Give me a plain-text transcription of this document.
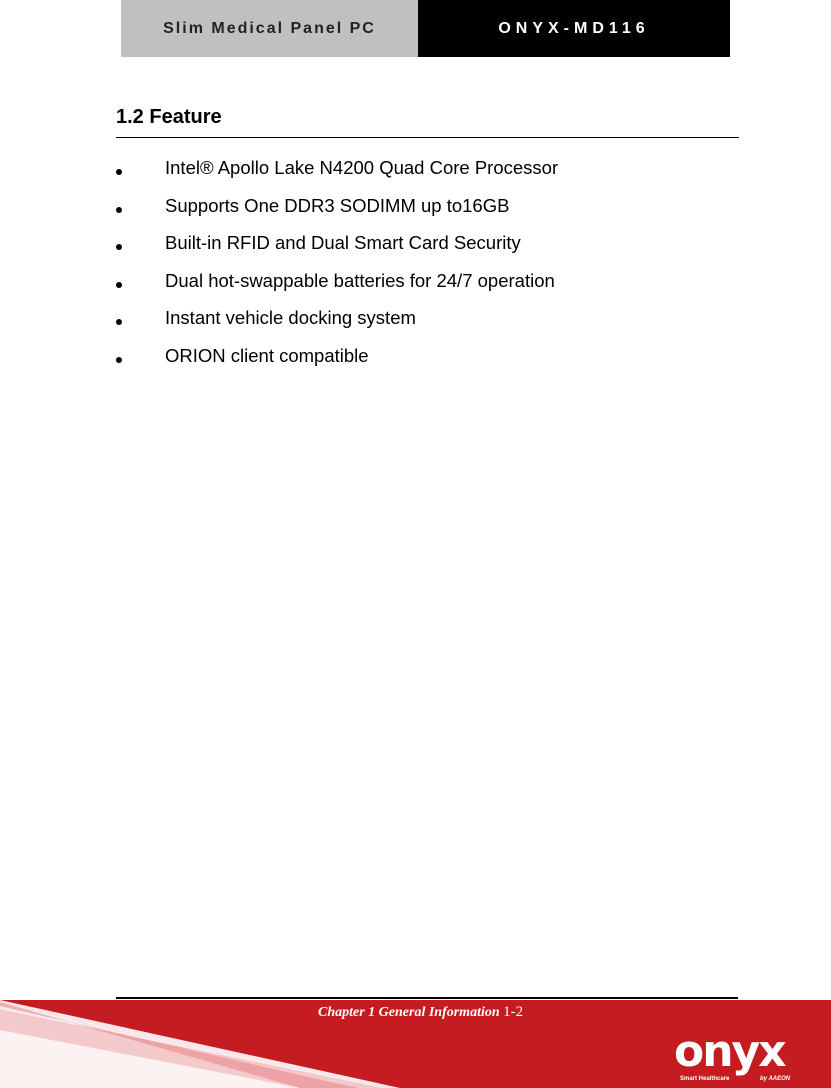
Slim Medical Panel PC	ONYX-MD116
1.2 Feature
Intel® Apollo Lake N4200 Quad Core Processor
Supports One DDR3 SODIMM up to16GB
Built-in RFID and Dual Smart Card Security
Dual hot-swappable batteries for 24/7 operation
Instant vehicle docking system
ORION client compatible
Chapter 1 General Information 1-2
onyx
Smart Healthcare	by AAEON
